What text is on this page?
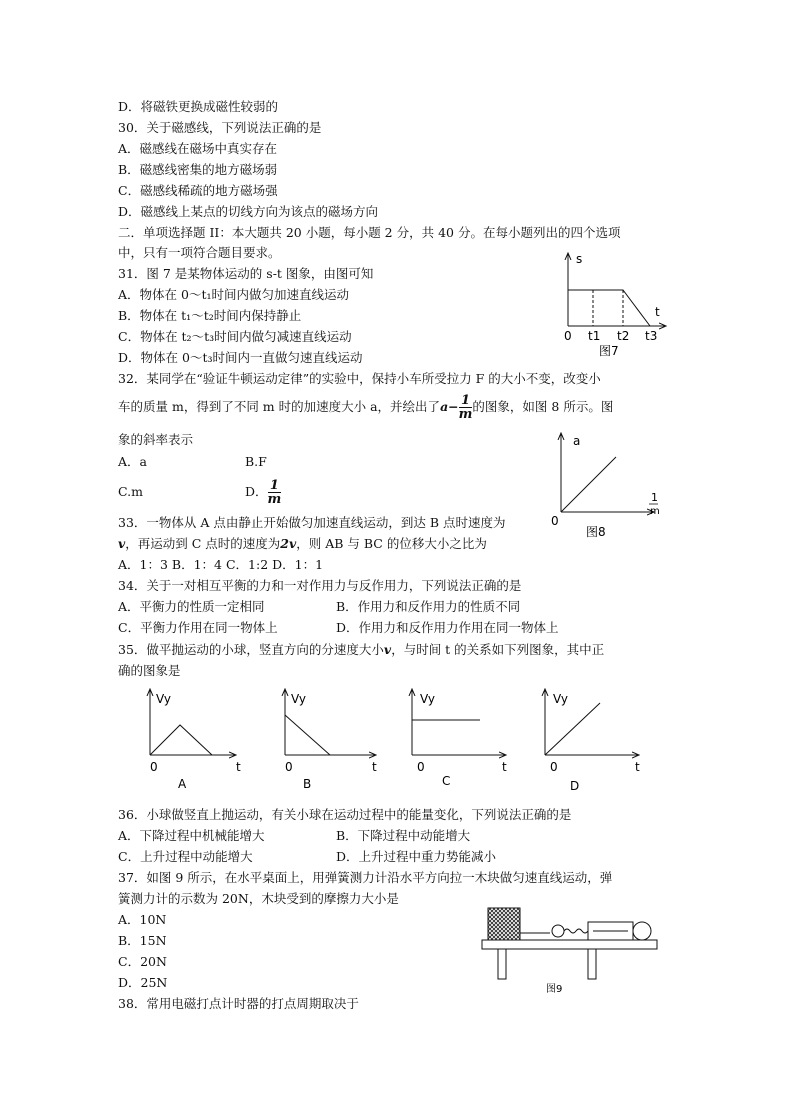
D．将磁铁更换成磁性较弱的
30．关于磁感线，下列说法正确的是
A．磁感线在磁场中真实存在
B．磁感线密集的地方磁场弱
C．磁感线稀疏的地方磁场强
D．磁感线上某点的切线方向为该点的磁场方向
二．单项选择题 II：本大题共 20 小题，每小题 2 分，共 40 分。在每小题列出的四个选项
中，只有一项符合题目要求。
31．图 7 是某物体运动的 s-t 图象，由图可知
A．物体在 0～t₁时间内做匀加速直线运动
B．物体在 t₁～t₂时间内保持静止
C．物体在 t₂～t₃时间内做匀减速直线运动
D．物体在 0～t₃时间内一直做匀速直线运动
32．某同学在“验证牛顿运动定律”的实验中，保持小车所受拉力 F 的大小不变，改变小
车的质量 m，得到了不同 m 时的加速度大小 a，并绘出了$a- \frac{1}{m}$ 的图象，如图 8 所示。图
象的斜率表示
A．a	B.F
C.m	D． $\frac{1}{m}$
33．一物体从 A 点由静止开始做匀加速直线运动，到达 B 点时速度为
v，再运动到 C 点时的速度为2v，则 AB 与 BC 的位移大小之比为
A．1：3 B．1：4 C．1:2 D．1：1
34．关于一对相互平衡的力和一对作用力与反作用力，下列说法正确的是
A．平衡力的性质一定相同	B．作用力和反作用力的性质不同
C．平衡力作用在同一物体上	D．作用力和反作用力作用在同一物体上
35．做平抛运动的小球，竖直方向的分速度大小v，与时间 t 的关系如下列图象，其中正
确的图象是
36．小球做竖直上抛运动，有关小球在运动过程中的能量变化，下列说法正确的是
A．下降过程中机械能增大	B．下降过程中动能增大
C．上升过程中动能增大	D．上升过程中重力势能减小
37．如图 9 所示，在水平桌面上，用弹簧测力计沿水平方向拉一木块做匀速直线运动，弹
簧测力计的示数为 20N，木块受到的摩擦力大小是
A．10N
B．15N
C．20N
D．25N
38．常用电磁打点计时器的打点周期取决于
s
t
0 t1 t2 t3
图7
a
0
1
m
图8
Vy
0	t
A
Vy
0	t
B
Vy
0	t
C
Vy
0	t
D
图9
